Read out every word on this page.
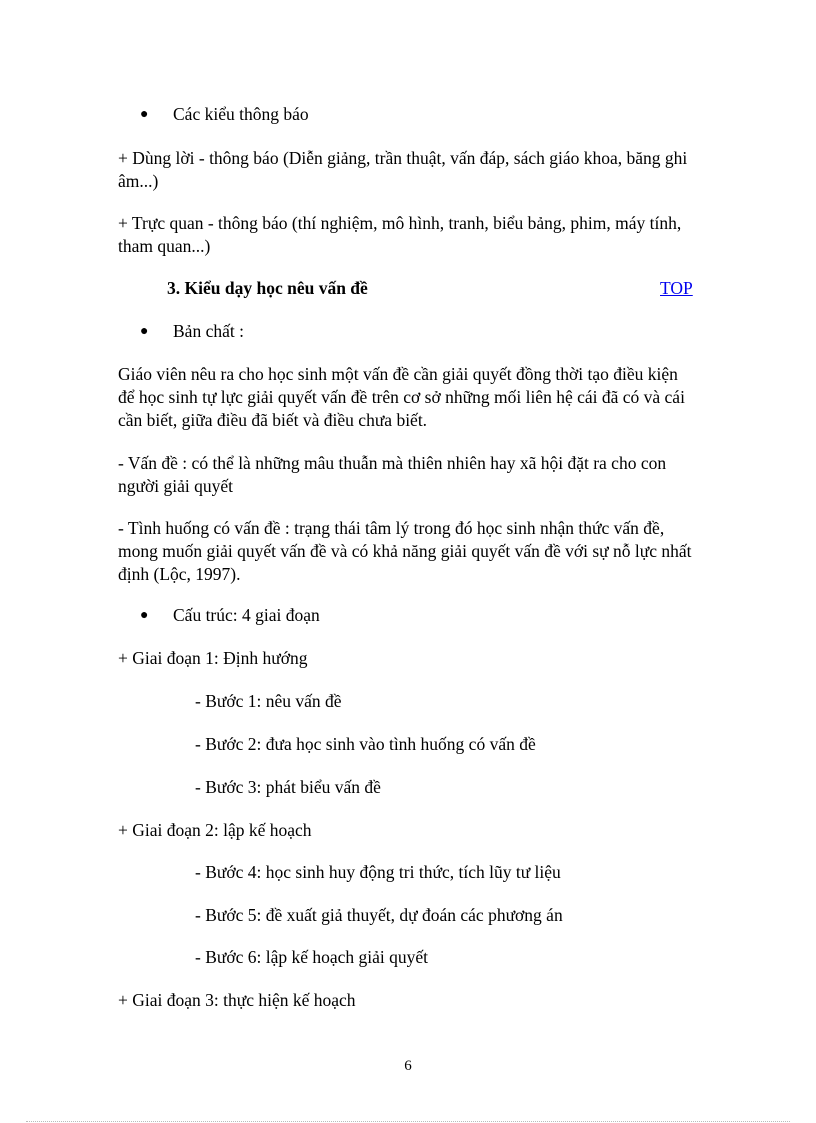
● Các kiểu thông báo

+ Dùng lời - thông báo (Diễn giảng, trần thuật, vấn đáp, sách giáo khoa, băng ghi âm...)

+ Trực quan - thông báo (thí nghiệm, mô hình, tranh, biểu bảng, phim, máy tính, tham quan...)

3. Kiểu dạy học nêu vấn đề	TOP
● Bản chất :

Giáo viên nêu ra cho học sinh một vấn đề cần giải quyết đồng thời tạo điều kiện để học sinh tự lực giải quyết vấn đề trên cơ sở những mối liên hệ cái đã có và cái cần biết, giữa điều đã biết và điều chưa biết.

- Vấn đề : có thể là những mâu thuẫn mà thiên nhiên hay xã hội đặt ra cho con người giải quyết

- Tình huống có vấn đề : trạng thái tâm lý trong đó học sinh nhận thức vấn đề, mong muốn giải quyết vấn đề và có khả năng giải quyết vấn đề với sự nỗ lực nhất định (Lộc, 1997).

● Cấu trúc: 4 giai đoạn

+ Giai đoạn 1: Định hướng

- Bước 1: nêu vấn đề
- Bước 2: đưa học sinh vào tình huống có vấn đề
- Bước 3: phát biểu vấn đề

+ Giai đoạn 2: lập kế hoạch

- Bước 4: học sinh huy động tri thức, tích lũy tư liệu
- Bước 5: đề xuất giả thuyết, dự đoán các phương án
- Bước 6: lập kế hoạch giải quyết

+ Giai đoạn 3: thực hiện kế hoạch

6
